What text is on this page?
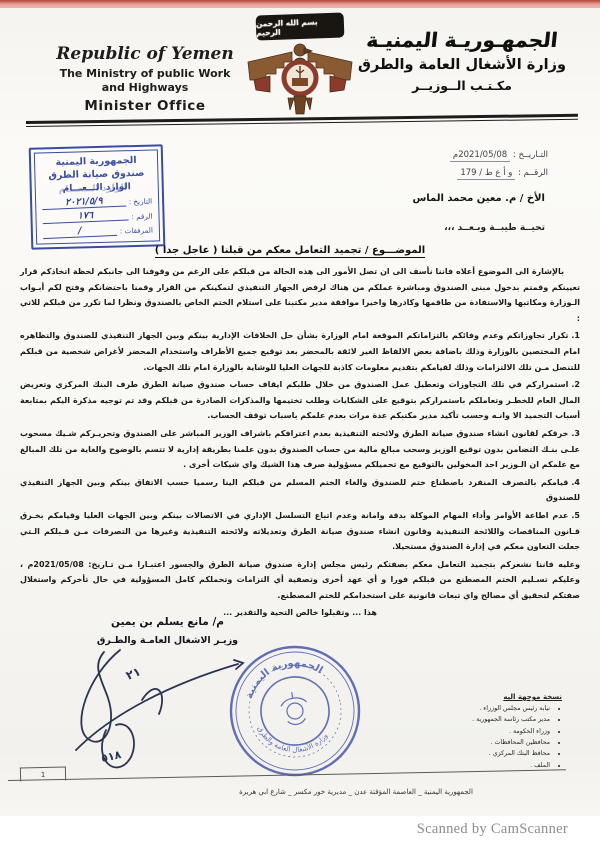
Republic of Yemen
The Ministry of public Work
and Highways
Minister Office
بسم الله الرحمن الرحيم	الجمهـوريـة اليمنيـة
وزارة الأشغال العامة والطرق
مكـتـب الــوزيــر
التـاريــخ : 2021/05/08م
الرقــم : و أ ع ط / 179
الجمهورية اليمنية
صندوق صيانة الطرق
الوارد الـــعـــام
التاريخ :
٢٠٢١/٥/٩
الرقم :
١٧٦
المرفقات :
/
الأخ / م. معين محمد الماس
تحيــة طيبــة وبـعــد ،،،
الموضـــوع / تجميد التعامل معكم من قبلنا ( عاجل جدا )

بالإشارة الى الموضوع أعلاه فاننا نأسف الى ان تصل الأمور الى هذه الحالة من قبلكم على الرغم من وقوفنا الى جانبكم لحظة اتخاذكم قرار تعيينكم وقمتم بدخول مبنى الصندوق ومباشرة عملكم من هناك لرفض الجهاز التنفيذي لتمكينكم من القرار وقمنا باحتضانكم وفتح لكم أبـواب الـوزارة ومكاتبها والاستفادة من طاقمها وكادرها واخيرا موافقة مدير مكتبنا على استلام الختم الخاص بالصندوق ونظرا لما تكرر من قبلكم للاتي :

1.تكرار تجاوزاتكم وعدم وفائكم بالتزاماتكم الموقعة امام الوزارة بشأن حل الخلافات الإدارية بينكم وبين الجهاز التنفيذي للصندوق والتظاهره امام المختصين بالوزارة وذلك باضافة بعض الالفاظ الغير لائقة بالمحضر بعد توقيع جميع الأطراف واستخدام المحضر لأغراض شخصية من قبلكم للتنصل مـن تلك الالتزامات وذلك لقيامكم بتقديم معلومات كاذبة للجهات العليا للوشاية بالوزارة امام تلك الجهات.

2.استمراركم في تلك التجاوزات وتعطيل عمل الصندوق من خلال طلبكم ايقاف حساب صندوق صيانة الطرق طرف البنك المركزي وتعريض المال العام للخطـر وتعاملكم باستمراركم بتوقيع على الشكايات وطلب تختيمها والمذكرات الصادرة من قبلكم وقد تم توجيه مذكرة اليكم بمتابعة أسباب التجميد الا وانـه وحسب تأكيد مدير مكتبكم عدة مرات بعدم علمكم باسباب توقف الحساب.

3.خرقكم لقانون انشاء صندوق صيانة الطرق ولائحته التنفيذية بعدم اعترافكم باشراف الوزير المباشر على الصندوق وتحريـركم شـيك مسحوب علـى بنـك التضامن بدون توقيع الوزير وسحب مبالغ مالية من حساب الصندوق بدون علمنا بطريقة إدارية لا تتسم بالوضوح والغاية من تلك المبالغ مع علمكم ان الـوزير احد المخولين بالتوقيع مع تحميلكم مسؤولية صرف هذا الشيك واي شيكات أخرى .

4.قيامكم بالتصرف المنفرد باصطناع ختم للصندوق والغاء الختم المسلم من قبلكم الينا رسميا حسب الاتفاق بينكم وبين الجهاز التنفيذي للصندوق

5.عدم اطاعة الأوامر وأداء المهام الموكلة بدقة وامانة وعدم اتباع التسلسل الإداري في الاتصالات بينكم وبين الجهات العليا وقيامكم بخـرق قـانون المناقصات واللائحة التنفيذية وقانون انشاء صندوق صيانة الطرق وتعديلاته ولائحته التنفيذية وغيرها من التصرفات مـن قـبلكم الـتي جعلت التعاون معكم في إدارة الصندوق مستحيلا.

وعليه فاننا نشعركم بتجميد التعامل معكم بصفتكم رئيس مجلس إدارة صندوق صيانة الطرق والجسور اعتبـارا مـن تـاريخ: 2021/05/08م ، وعليكم تسـليم الختم المصطنع من قبلكم فورا و أي عهد أخرى وتصفية أي التزامات وتحملكم كامل المسؤولية في حال تأخركم واستغلال صفتكم لتحقيق أي مصالح واي تبعات قانونية على استخدامكم للختم المصطنع.

هذا ... وتقبلوا خالص التحية والتقدير ...

م/ مانع يسلم بن يمين
وزيـر الاشغال العامـة والطـرق
الجمهورية اليمنية
وزارة الأشغال العامة والطرق
٢١
٥١٨
نسخة موجهة اليه
• نيابة رئيس مجلس الوزراء .
• مدير مكتب رئاسة الجمهورية .
• وزراء الحكومة .
• محافظين المحافظات .
• محافظ البنك المركزي .
• الملف .
1
الجمهورية اليمنية _ العاصمة المؤقتة عدن _ مديرية خور مكسر _ شارع ابي هريرة
Scanned by CamScanner
